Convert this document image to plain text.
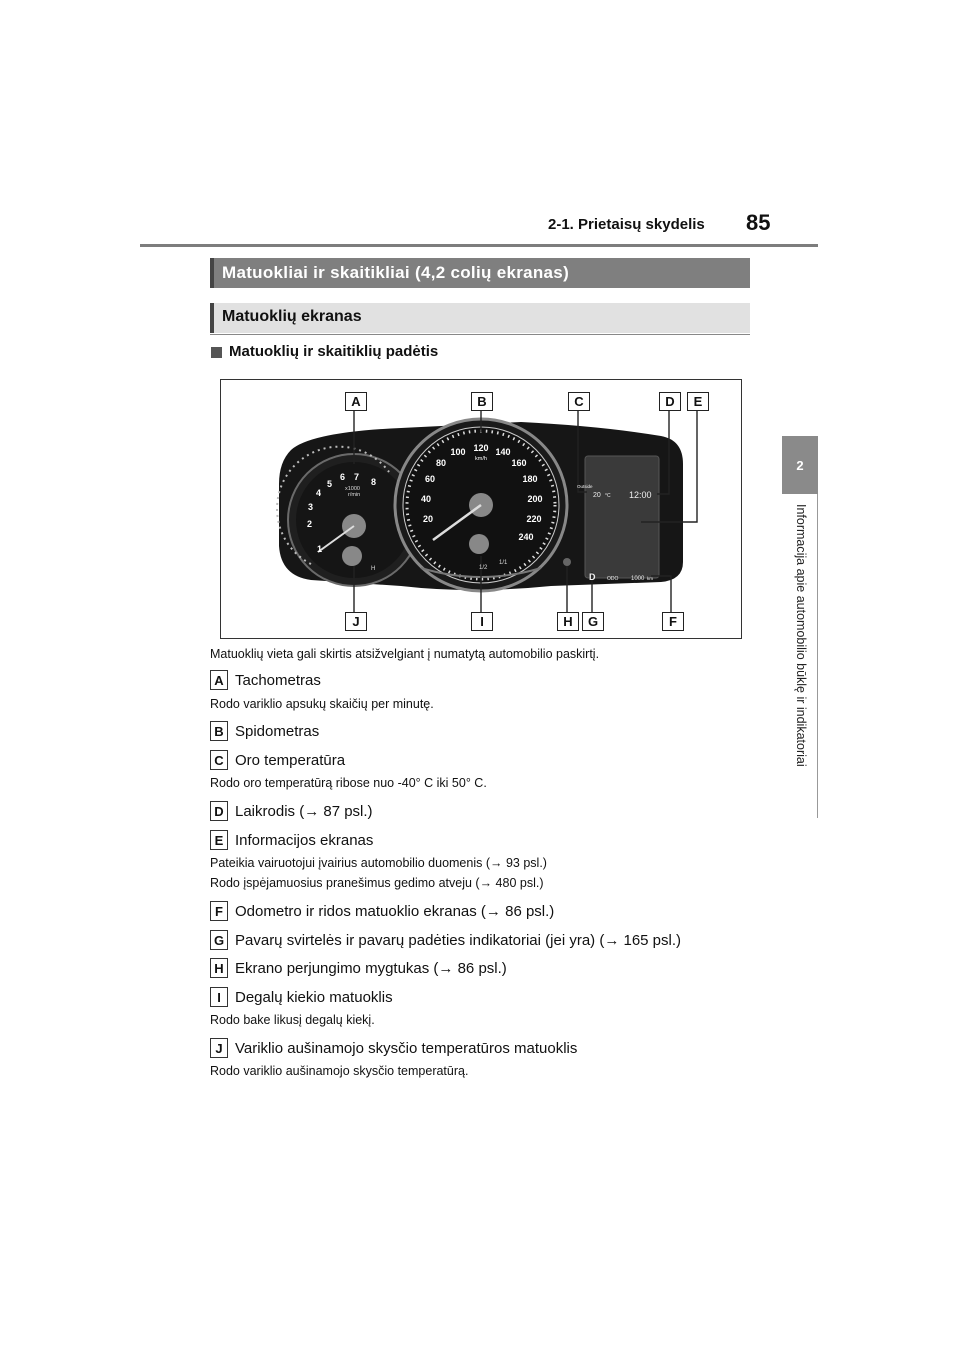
2-1. Prietaisų skydelis 85
2
Informacija apie automobilio būklę ir indikatoriai
Matuokliai ir skaitikliai (4,2 colių ekranas)
Matuoklių ekranas
Matuoklių ir skaitiklių padėtis
1
2
3
4
5
6 7 8
x1000
r/min
H
20
40
60
80
100 120 140
160
180
200
220
240
km/h
1/2
1/1
Outside
20 °C 12:00
D ODO 1000 km
A	B	C	D	E
F
G
H
I
J
Matuoklių vieta gali skirtis atsižvelgiant į numatytą automobilio paskirtį.
A Tachometras
Rodo variklio apsukų skaičių per minutę.
B Spidometras
C Oro temperatūra
Rodo oro temperatūrą ribose nuo -40° C iki 50° C.
D Laikrodis (→ 87 psl.)
E Informacijos ekranas
Pateikia vairuotojui įvairius automobilio duomenis (→ 93 psl.)
Rodo įspėjamuosius pranešimus gedimo atveju (→ 480 psl.)
F Odometro ir ridos matuoklio ekranas (→ 86 psl.)
G Pavarų svirtelės ir pavarų padėties indikatoriai (jei yra) (→ 165 psl.)
H Ekrano perjungimo mygtukas (→ 86 psl.)
I Degalų kiekio matuoklis
Rodo bake likusį degalų kiekį.
J Variklio aušinamojo skysčio temperatūros matuoklis
Rodo variklio aušinamojo skysčio temperatūrą.
